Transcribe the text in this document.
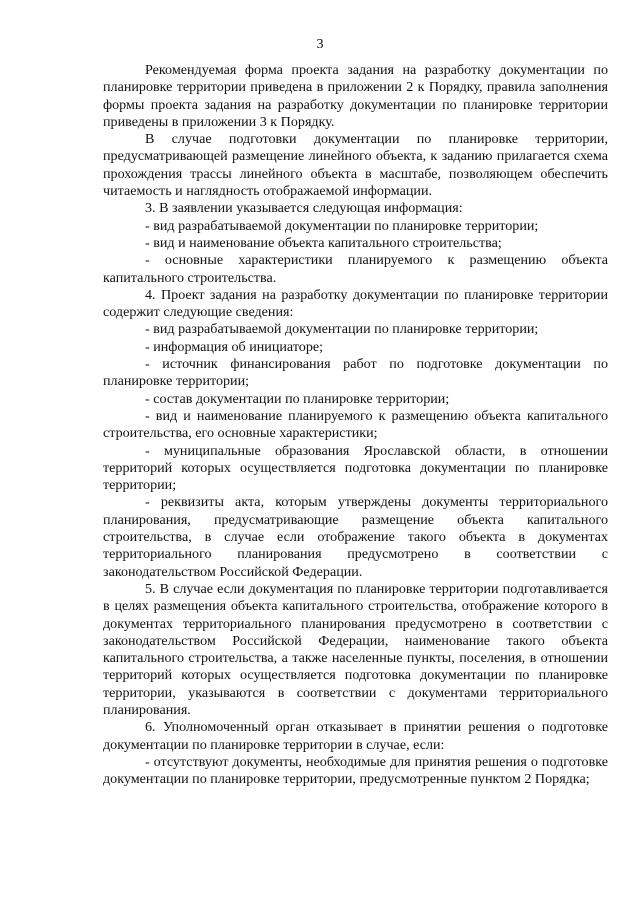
3

Рекомендуемая форма проекта задания на разработку документации по планировке территории приведена в приложении 2 к Порядку, правила заполнения формы проекта задания на разработку документации по планировке территории приведены в приложении 3 к Порядку.

В случае подготовки документации по планировке территории, предусматривающей размещение линейного объекта, к заданию прилагается схема прохождения трассы линейного объекта в масштабе, позволяющем обеспечить читаемость и наглядность отображаемой информации.

3. В заявлении указывается следующая информация:

- вид разрабатываемой документации по планировке территории;

- вид и наименование объекта капитального строительства;

- основные характеристики планируемого к размещению объекта капитального строительства.

4. Проект задания на разработку документации по планировке территории содержит следующие сведения:

- вид разрабатываемой документации по планировке территории;

- информация об инициаторе;

- источник финансирования работ по подготовке документации по планировке территории;

- состав документации по планировке территории;

- вид и наименование планируемого к размещению объекта капитального строительства, его основные характеристики;

- муниципальные образования Ярославской области, в отношении территорий которых осуществляется подготовка документации по планировке территории;

- реквизиты акта, которым утверждены документы территориального планирования, предусматривающие размещение объекта капитального строительства, в случае если отображение такого объекта в документах территориального планирования предусмотрено в соответствии с законодательством Российской Федерации.

5. В случае если документация по планировке территории подготавливается в целях размещения объекта капитального строительства, отображение которого в документах территориального планирования предусмотрено в соответствии с законодательством Российской Федерации, наименование такого объекта капитального строительства, а также населенные пункты, поселения, в отношении территорий которых осуществляется подготовка документации по планировке территории, указываются в соответствии с документами территориального планирования.

6. Уполномоченный орган отказывает в принятии решения о подготовке документации по планировке территории в случае, если:

- отсутствуют документы, необходимые для принятия решения о подготовке документации по планировке территории, предусмотренные пунктом 2 Порядка;
